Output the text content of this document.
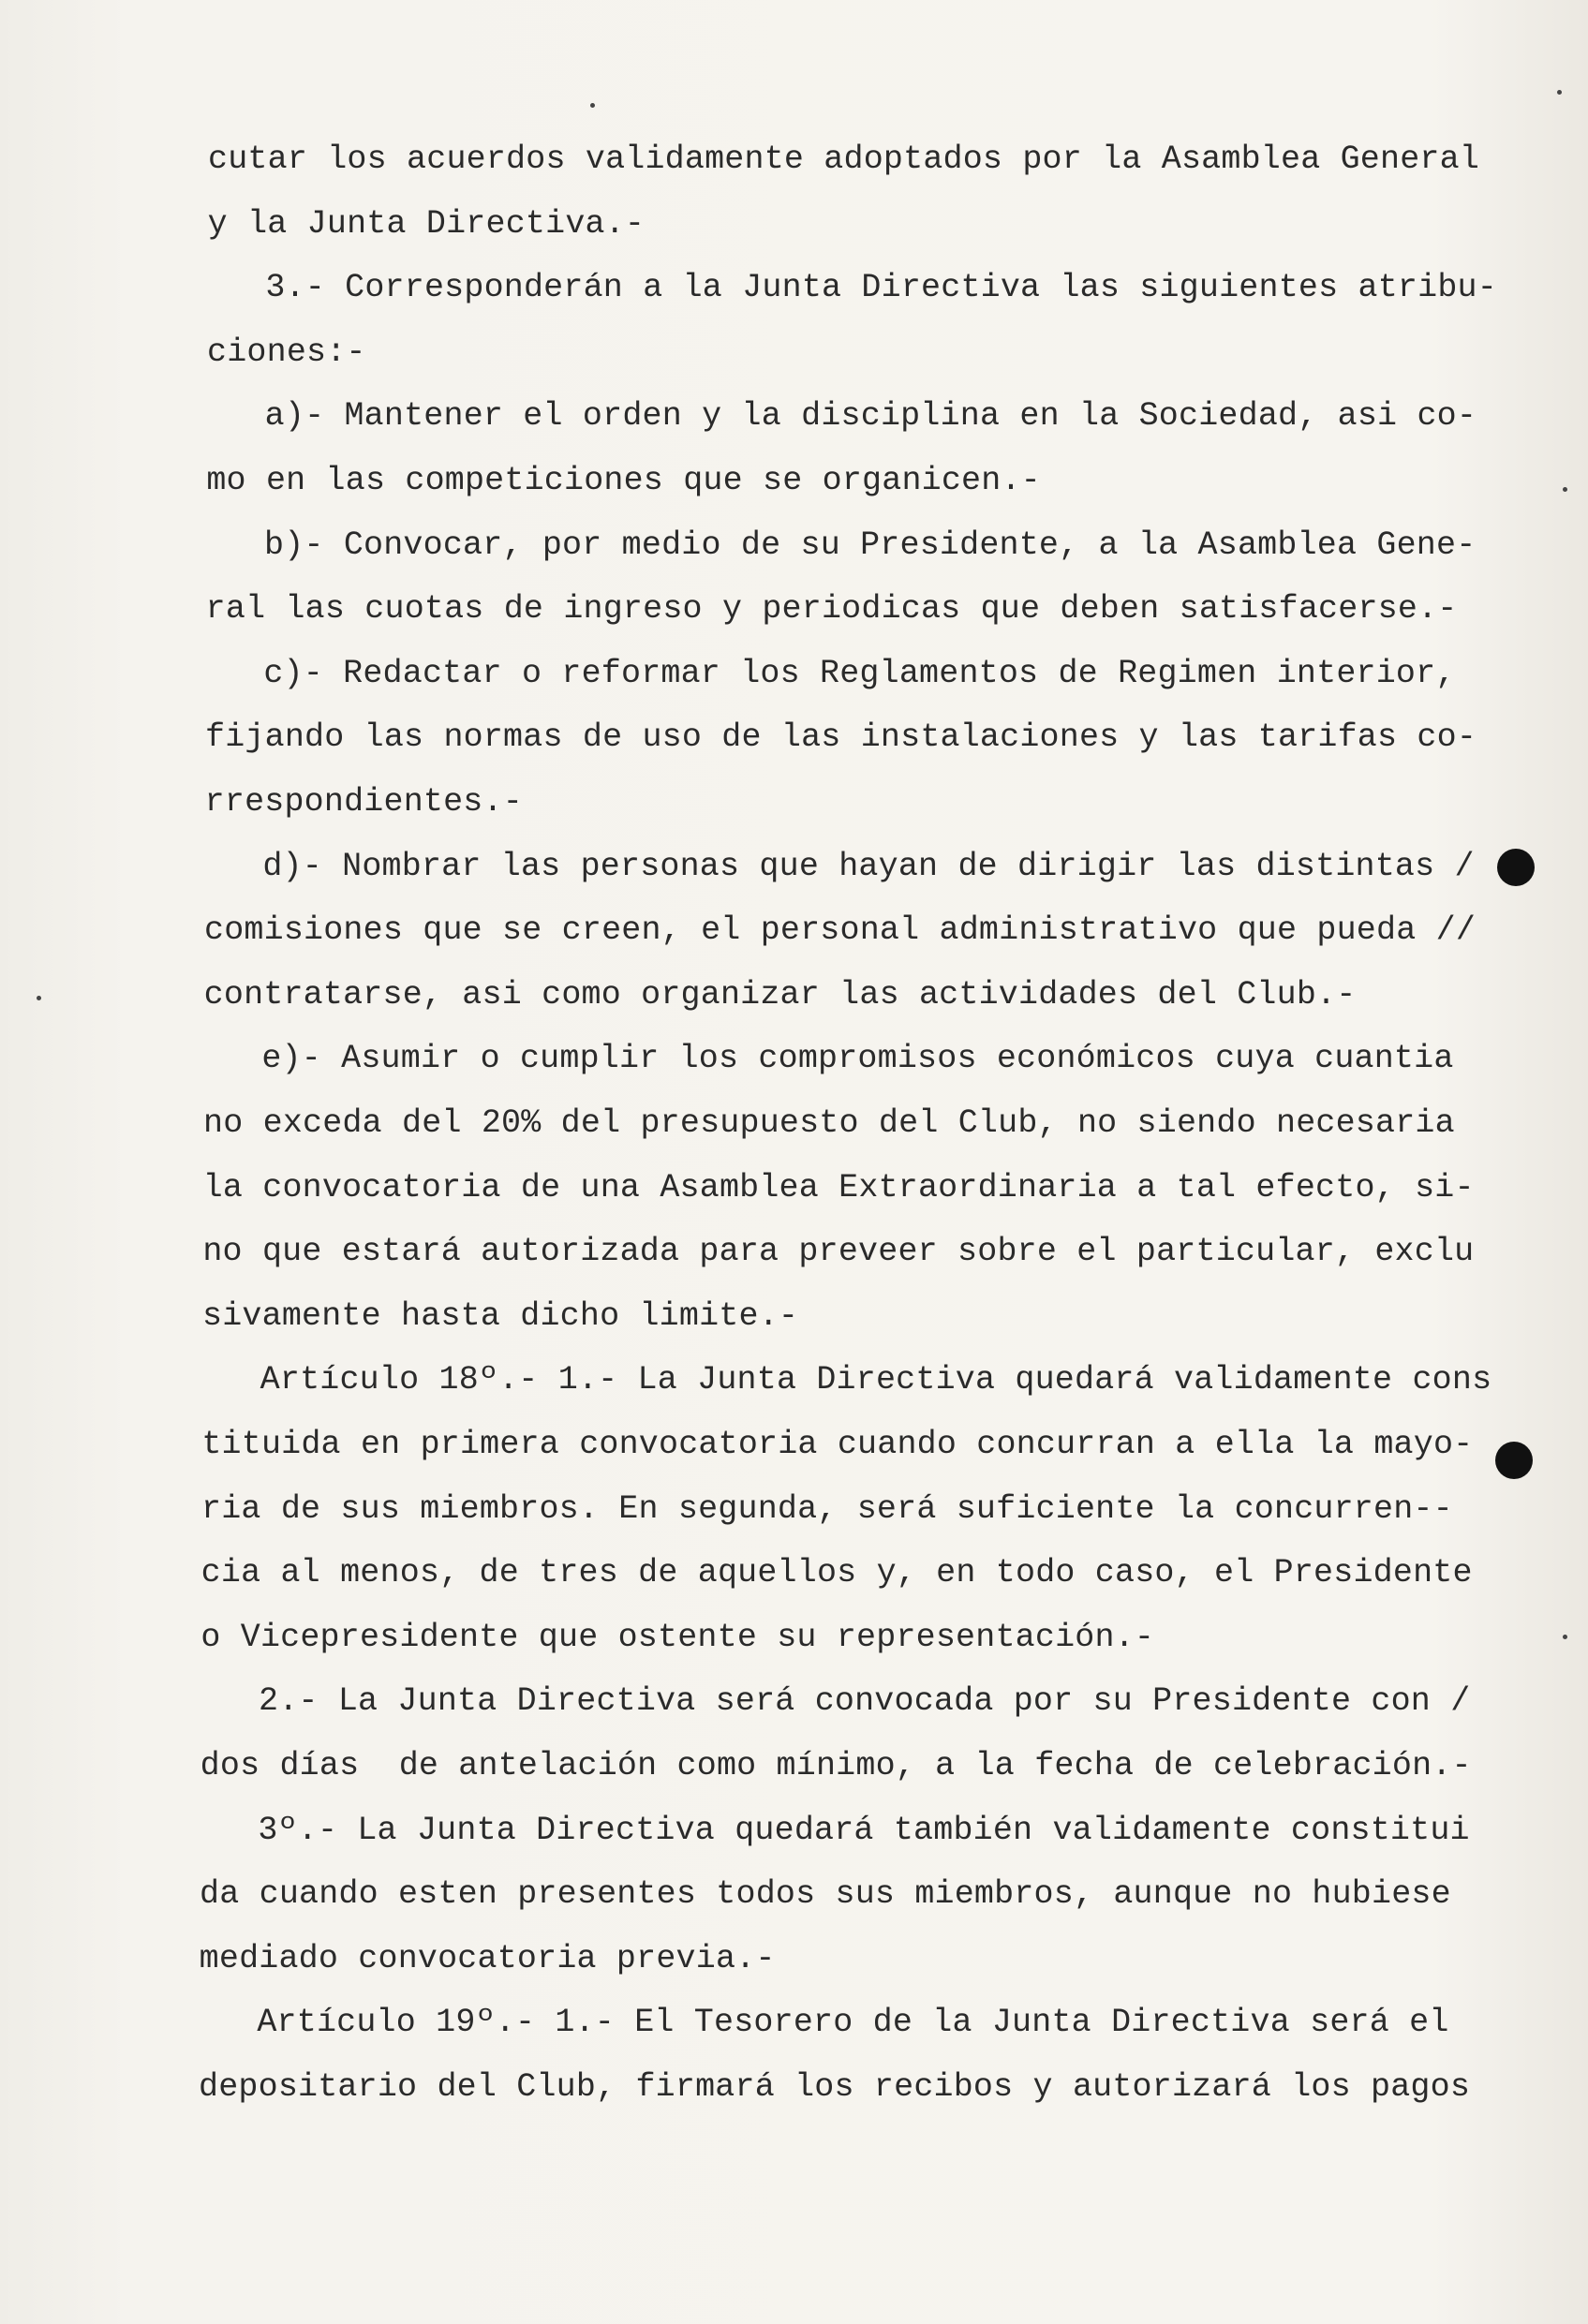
cutar los acuerdos validamente adoptados por la Asamblea General
y la Junta Directiva.-
3.- Corresponderán a la Junta Directiva las siguientes atribu-
ciones:-
a)- Mantener el orden y la disciplina en la Sociedad, asi co-
mo en las competiciones que se organicen.-
b)- Convocar, por medio de su Presidente, a la Asamblea Gene-
ral las cuotas de ingreso y periodicas que deben satisfacerse.-
c)- Redactar o reformar los Reglamentos de Regimen interior,
fijando las normas de uso de las instalaciones y las tarifas co-
rrespondientes.-
d)- Nombrar las personas que hayan de dirigir las distintas /
comisiones que se creen, el personal administrativo que pueda //
contratarse, asi como organizar las actividades del Club.-
e)- Asumir o cumplir los compromisos económicos cuya cuantia
no exceda del 20% del presupuesto del Club, no siendo necesaria
la convocatoria de una Asamblea Extraordinaria a tal efecto, si-
no que estará autorizada para preveer sobre el particular, exclu
sivamente hasta dicho limite.-
Artículo 18º.- 1.- La Junta Directiva quedará validamente cons
tituida en primera convocatoria cuando concurran a ella la mayo-
ria de sus miembros. En segunda, será suficiente la concurren--
cia al menos, de tres de aquellos y, en todo caso, el Presidente
o Vicepresidente que ostente su representación.-
2.- La Junta Directiva será convocada por su Presidente con /
dos días  de antelación como mínimo, a la fecha de celebración.-
3º.- La Junta Directiva quedará también validamente constitui
da cuando esten presentes todos sus miembros, aunque no hubiese
mediado convocatoria previa.-
Artículo 19º.- 1.- El Tesorero de la Junta Directiva será el
depositario del Club, firmará los recibos y autorizará los pagos
